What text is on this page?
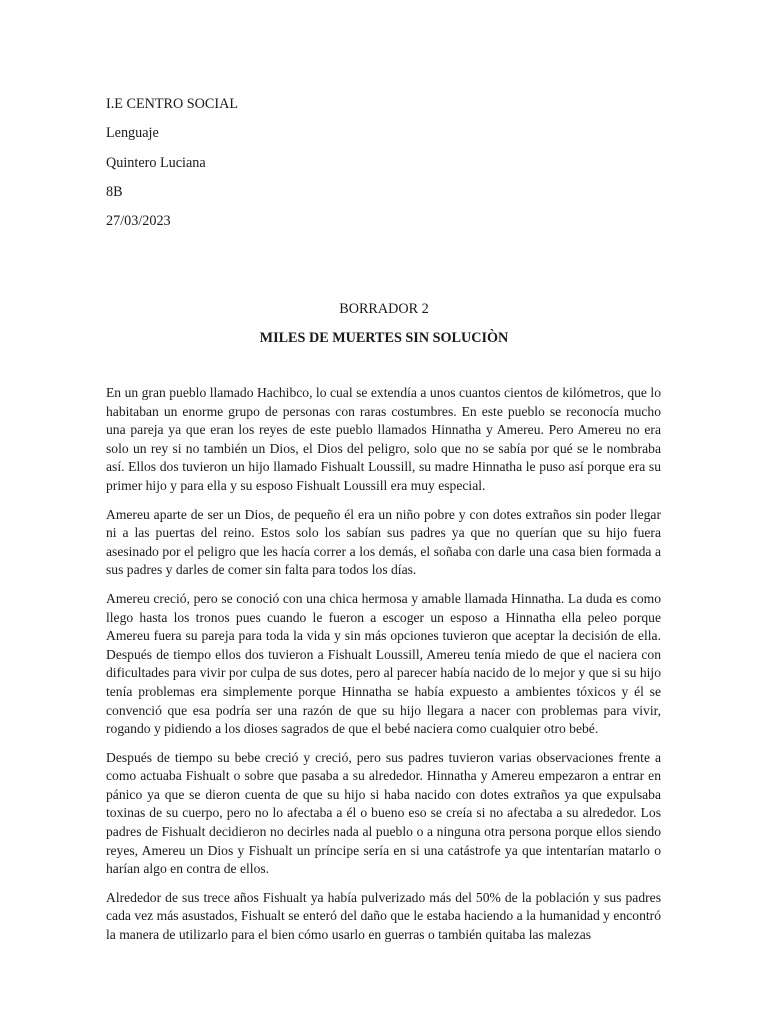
I.E CENTRO SOCIAL
Lenguaje
Quintero Luciana
8B
27/03/2023
BORRADOR 2
MILES DE MUERTES SIN SOLUCIÒN

En un gran pueblo llamado Hachibco, lo cual se extendía a unos cuantos cientos de kilómetros, que lo habitaban un enorme grupo de personas con raras costumbres. En este pueblo se reconocía mucho una pareja ya que eran los reyes de este pueblo llamados Hinnatha y Amereu. Pero Amereu no era solo un rey si no también un Dios, el Dios del peligro, solo que no se sabía por qué se le nombraba así. Ellos dos tuvieron un hijo llamado Fishualt Loussill, su madre Hinnatha le puso así porque era su primer hijo y para ella y su esposo Fishualt Loussill era muy especial.

Amereu aparte de ser un Dios, de pequeño él era un niño pobre y con dotes extraños sin poder llegar ni a las puertas del reino. Estos solo los sabían sus padres ya que no querían que su hijo fuera asesinado por el peligro que les hacía correr a los demás, el soñaba con darle una casa bien formada a sus padres y darles de comer sin falta para todos los días.

Amereu creció, pero se conoció con una chica hermosa y amable llamada Hinnatha. La duda es como llego hasta los tronos pues cuando le fueron a escoger un esposo a Hinnatha ella peleo porque Amereu fuera su pareja para toda la vida y sin más opciones tuvieron que aceptar la decisión de ella. Después de tiempo ellos dos tuvieron a Fishualt Loussill, Amereu tenía miedo de que el naciera con dificultades para vivir por culpa de sus dotes, pero al parecer había nacido de lo mejor y que si su hijo tenía problemas era simplemente porque Hinnatha se había expuesto a ambientes tóxicos y él se convenció que esa podría ser una razón de que su hijo llegara a nacer con problemas para vivir, rogando y pidiendo a los dioses sagrados de que el bebé naciera como cualquier otro bebé.

Después de tiempo su bebe creció y creció, pero sus padres tuvieron varias observaciones frente a como actuaba Fishualt o sobre que pasaba a su alrededor. Hinnatha y Amereu empezaron a entrar en pánico ya que se dieron cuenta de que su hijo si haba nacido con dotes extraños ya que expulsaba toxinas de su cuerpo, pero no lo afectaba a él o bueno eso se creía si no afectaba a su alrededor. Los padres de Fishualt decidieron no decirles nada al pueblo o a ninguna otra persona porque ellos siendo reyes, Amereu un Dios y Fishualt un príncipe sería en si una catástrofe ya que intentarían matarlo o harían algo en contra de ellos.

Alrededor de sus trece años Fishualt ya había pulverizado más del 50% de la población y sus padres cada vez más asustados, Fishualt se enteró del daño que le estaba haciendo a la humanidad y encontró la manera de utilizarlo para el bien cómo usarlo en guerras o también quitaba las malezas
